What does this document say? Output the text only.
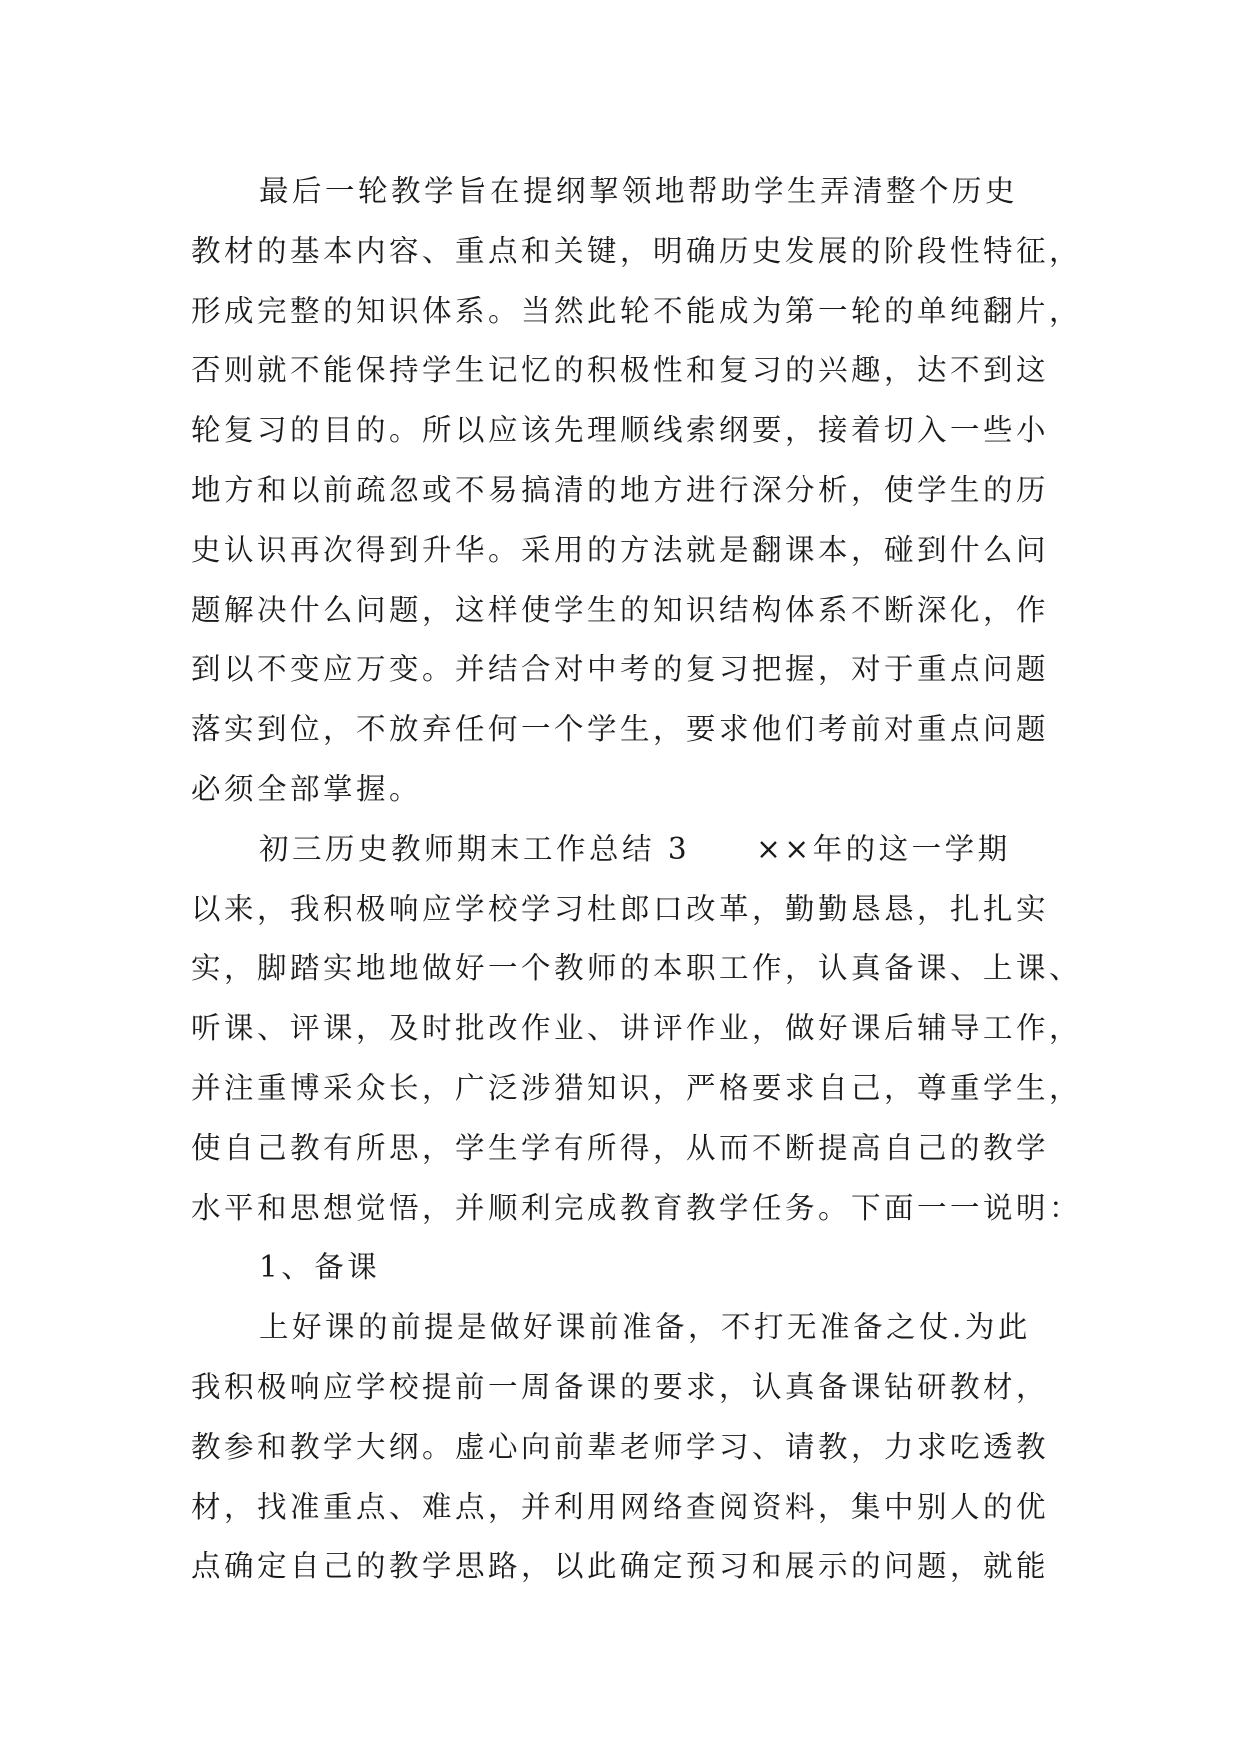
最后一轮教学旨在提纲挈领地帮助学生弄清整个历史
教材的基本内容、重点和关键，明确历史发展的阶段性特征，
形成完整的知识体系。当然此轮不能成为第一轮的单纯翻片，
否则就不能保持学生记忆的积极性和复习的兴趣，达不到这
轮复习的目的。所以应该先理顺线索纲要，接着切入一些小
地方和以前疏忽或不易搞清的地方进行深分析，使学生的历
史认识再次得到升华。采用的方法就是翻课本，碰到什么问
题解决什么问题，这样使学生的知识结构体系不断深化，作
到以不变应万变。并结合对中考的复习把握，对于重点问题
落实到位，不放弃任何一个学生，要求他们考前对重点问题
必须全部掌握。
初三历史教师期末工作总结 3　　××年的这一学期
以来，我积极响应学校学习杜郎口改革，勤勤恳恳，扎扎实
实，脚踏实地地做好一个教师的本职工作，认真备课、上课、
听课、评课，及时批改作业、讲评作业，做好课后辅导工作，
并注重博采众长，广泛涉猎知识，严格要求自己，尊重学生，
使自己教有所思，学生学有所得，从而不断提高自己的教学
水平和思想觉悟，并顺利完成教育教学任务。下面一一说明：
1、备课
上好课的前提是做好课前准备，不打无准备之仗.为此
我积极响应学校提前一周备课的要求，认真备课钻研教材，
教参和教学大纲。虚心向前辈老师学习、请教，力求吃透教
材，找准重点、难点，并利用网络查阅资料，集中别人的优
点确定自己的教学思路，以此确定预习和展示的问题，就能
